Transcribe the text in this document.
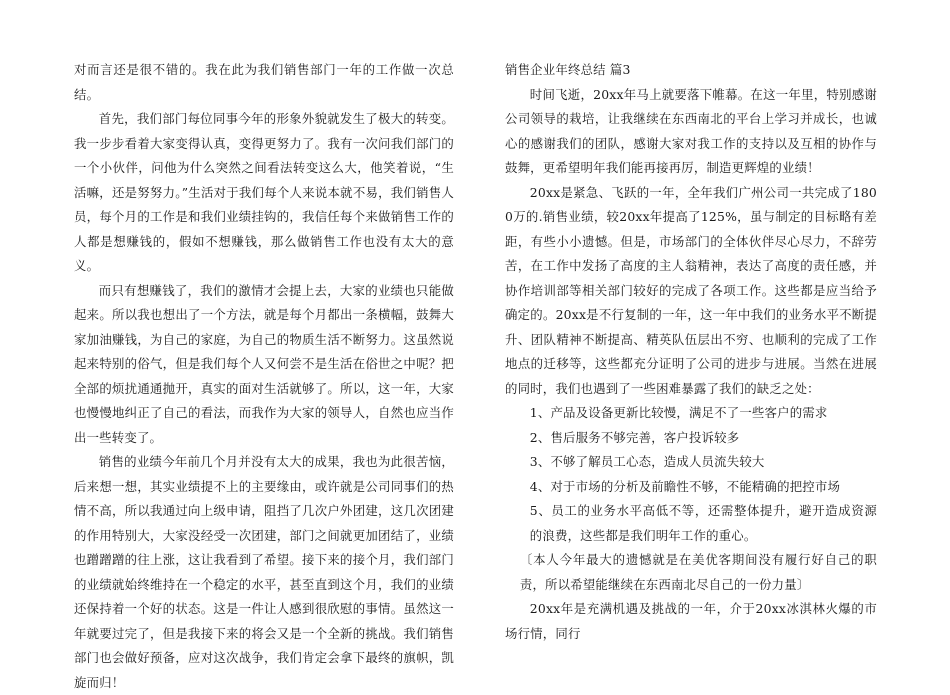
对而言还是很不错的。我在此为我们销售部门一年的工作做一次总结。

首先，我们部门每位同事今年的形象外貌就发生了极大的转变。我一步步看着大家变得认真，变得更努力了。我有一次问我们部门的一个小伙伴，问他为什么突然之间看法转变这么大，他笑着说，“生活嘛，还是努努力。”生活对于我们每个人来说本就不易，我们销售人员，每个月的工作是和我们业绩挂钩的，我信任每个来做销售工作的人都是想赚钱的，假如不想赚钱，那么做销售工作也没有太大的意义。

而只有想赚钱了，我们的激情才会提上去，大家的业绩也只能做起来。所以我也想出了一个方法，就是每个月都出一条横幅，鼓舞大家加油赚钱，为自己的家庭，为自己的物质生活不断努力。这虽然说起来特别的俗气，但是我们每个人又何尝不是生活在俗世之中呢？把全部的烦扰通通抛开，真实的面对生活就够了。所以，这一年，大家也慢慢地纠正了自己的看法，而我作为大家的领导人，自然也应当作出一些转变了。

销售的业绩今年前几个月并没有太大的成果，我也为此很苦恼，后来想一想，其实业绩提不上的主要缘由，或许就是公司同事们的热情不高，所以我通过向上级申请，阻挡了几次户外团建，这几次团建的作用特别大，大家没经受一次团建，部门之间就更加团结了，业绩也蹭蹭蹭的往上涨，这让我看到了希望。接下来的接个月，我们部门的业绩就始终维持在一个稳定的水平，甚至直到这个月，我们的业绩还保持着一个好的状态。这是一件让人感到很欣慰的事情。虽然这一年就要过完了，但是我接下来的将会又是一个全新的挑战。我们销售部门也会做好预备，应对这次战争，我们肯定会拿下最终的旗帜，凯旋而归！

销售企业年终总结 篇3

时间飞逝，20xx年马上就要落下帷幕。在这一年里，特别感谢公司领导的栽培，让我继续在东西南北的平台上学习并成长，也诚心的感谢我们的团队，感谢大家对我工作的支持以及互相的协作与鼓舞，更希望明年我们能再接再厉，制造更辉煌的业绩！

20xx是紧急、飞跃的一年，全年我们广州公司一共完成了1800万的.销售业绩，较20xx年提高了125%，虽与制定的目标略有差距，有些小小遗憾。但是，市场部门的全体伙伴尽心尽力，不辞劳苦，在工作中发扬了高度的主人翁精神，表达了高度的责任感，并协作培训部等相关部门较好的完成了各项工作。这些都是应当给予确定的。20xx是不行复制的一年，这一年中我们的业务水平不断提升、团队精神不断提高、精英队伍层出不穷、也顺利的完成了工作地点的迁移等，这些都充分证明了公司的进步与进展。当然在进展的同时，我们也遇到了一些困难暴露了我们的缺乏之处：

1、产品及设备更新比较慢，满足不了一些客户的需求

2、售后服务不够完善，客户投诉较多

3、不够了解员工心态，造成人员流失较大

4、对于市场的分析及前瞻性不够，不能精确的把控市场

5、员工的业务水平高低不等，还需整体提升，避开造成资源的浪费，这些都是我们明年工作的重心。

〔本人今年最大的遗憾就是在美优客期间没有履行好自己的职责，所以希望能继续在东西南北尽自己的一份力量〕

20xx年是充满机遇及挑战的一年，介于20xx冰淇林火爆的市场行情，同行
